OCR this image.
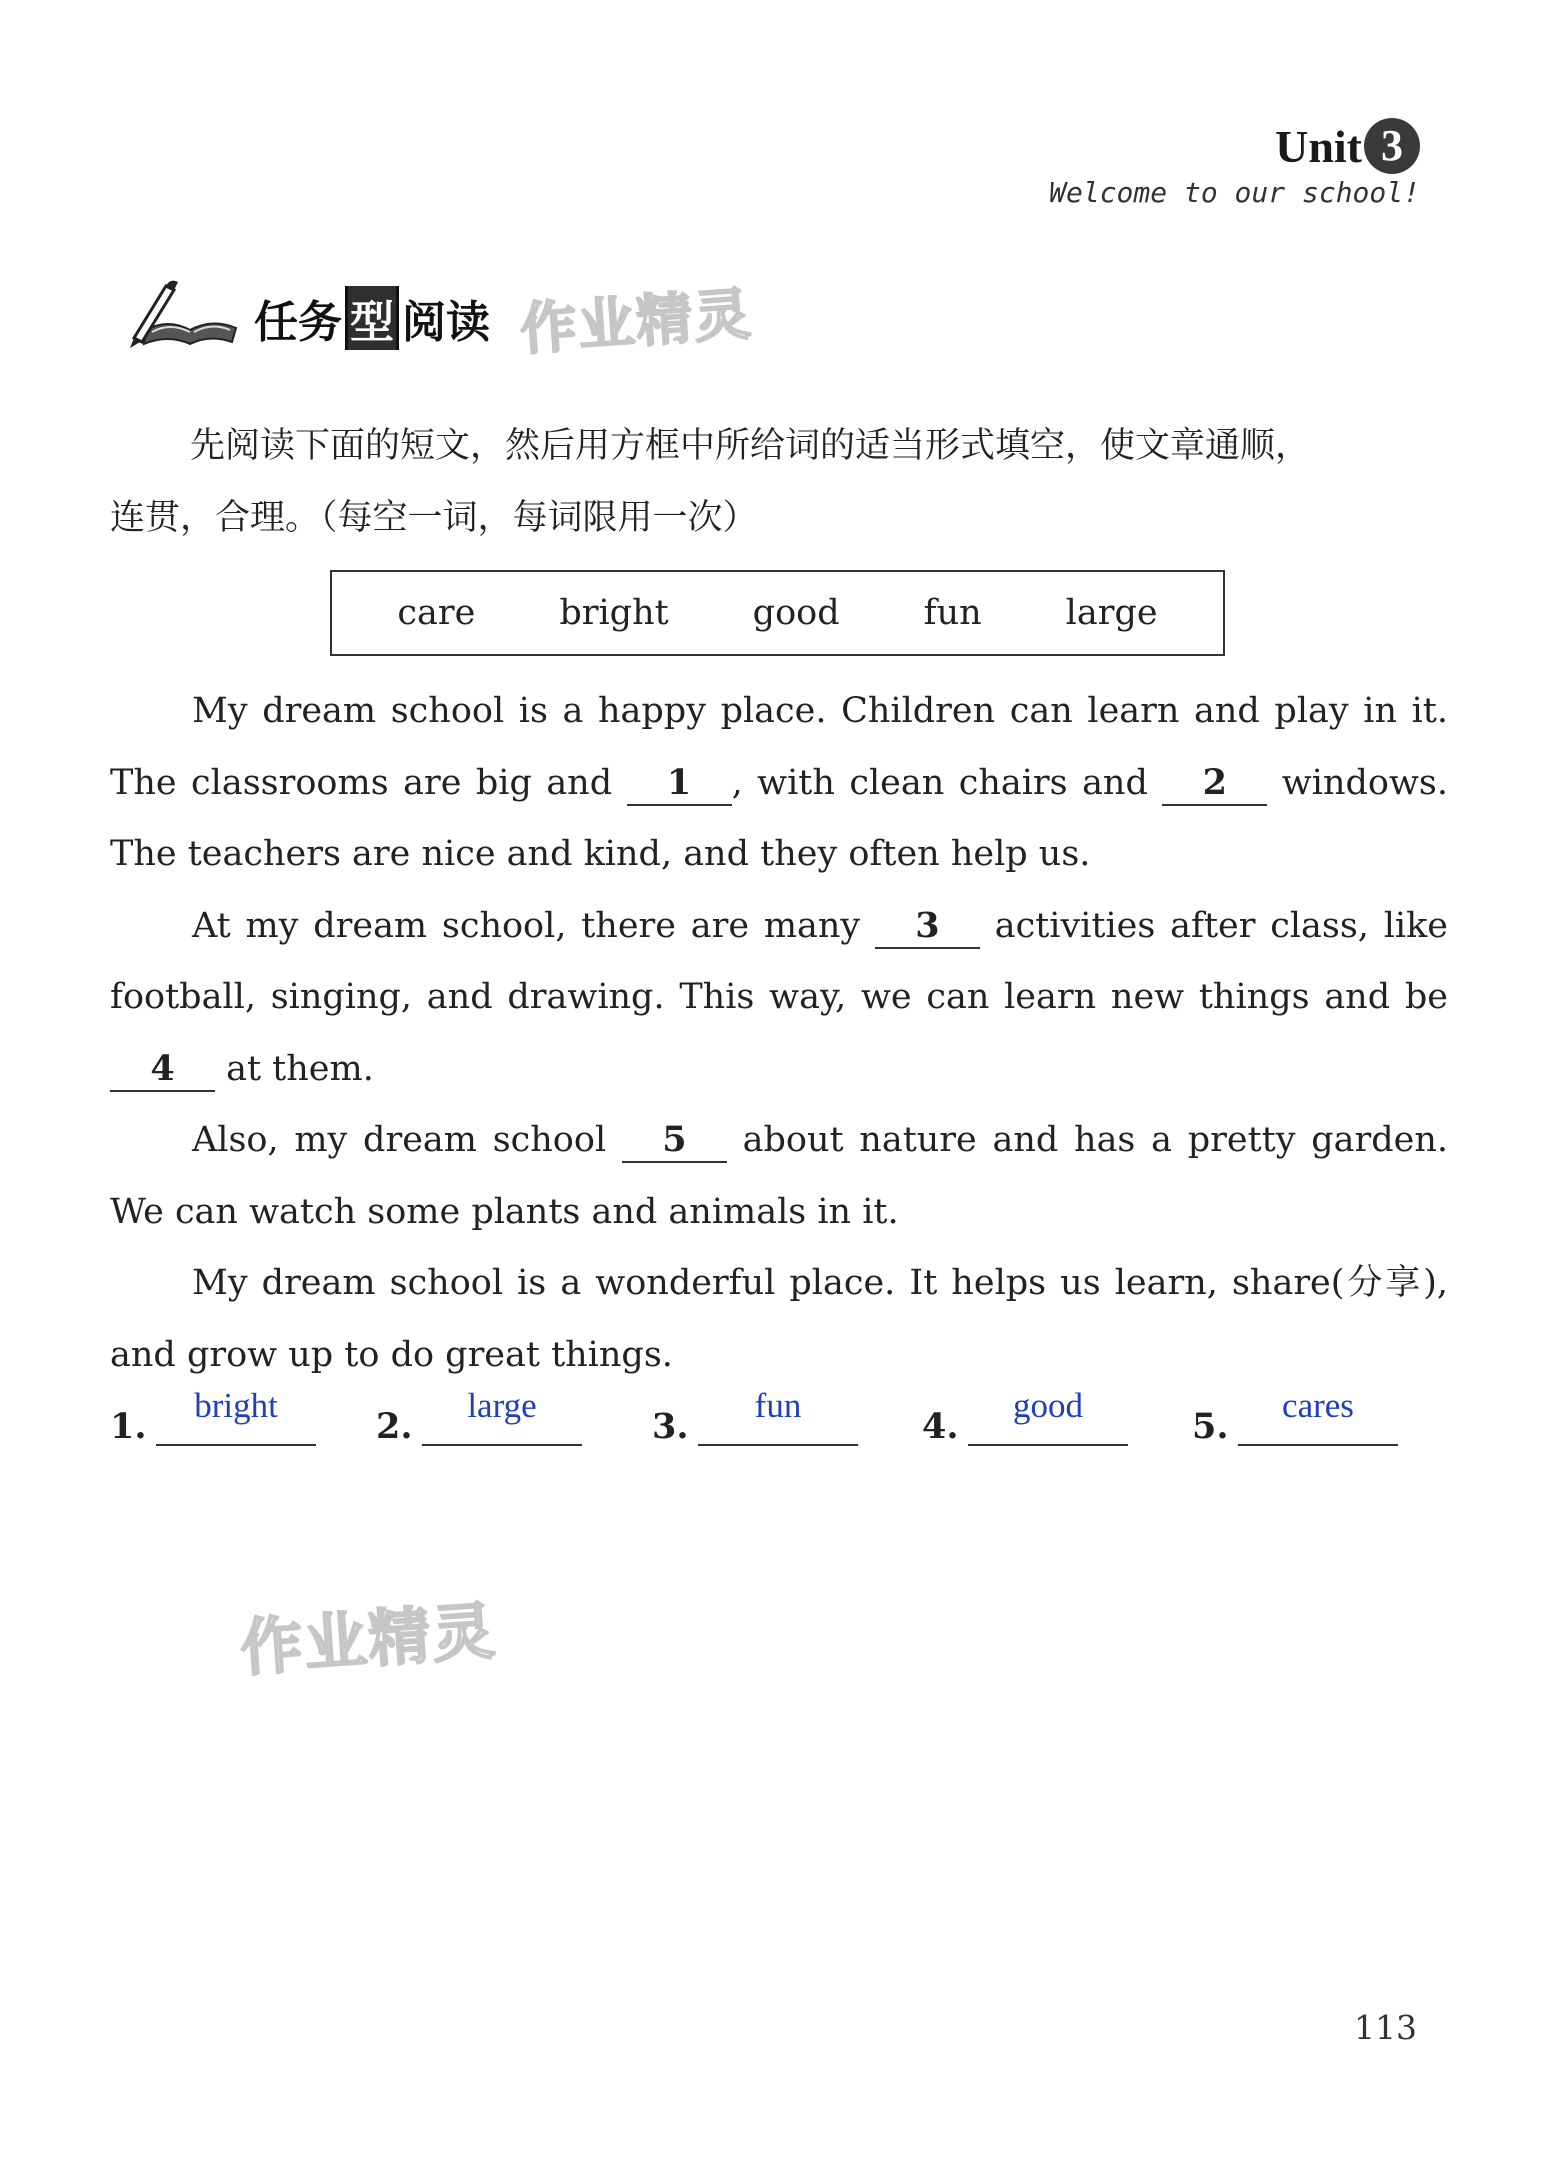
Unit 3
Welcome to our school!
任务 型 阅读 作业精灵
先阅读下面的短文，然后用方框中所给词的适当形式填空，使文章通顺，
连贯，合理。（每空一词，每词限用一次）
care bright good fun large

My dream school is a happy place. Children can learn and play in it. The classrooms are big and 1 , with clean chairs and 2 windows. The teachers are nice and kind, and they often help us.

At my dream school, there are many 3 activities after class, like football, singing, and drawing. This way, we can learn new things and be 4 at them.

Also, my dream school 5 about nature and has a pretty garden. We can watch some plants and animals in it.

My dream school is a wonderful place. It helps us learn, share(分享), and grow up to do great things.

1.
bright
2.
large
3.
fun
4.
good
5.
cares
作业精灵
113
